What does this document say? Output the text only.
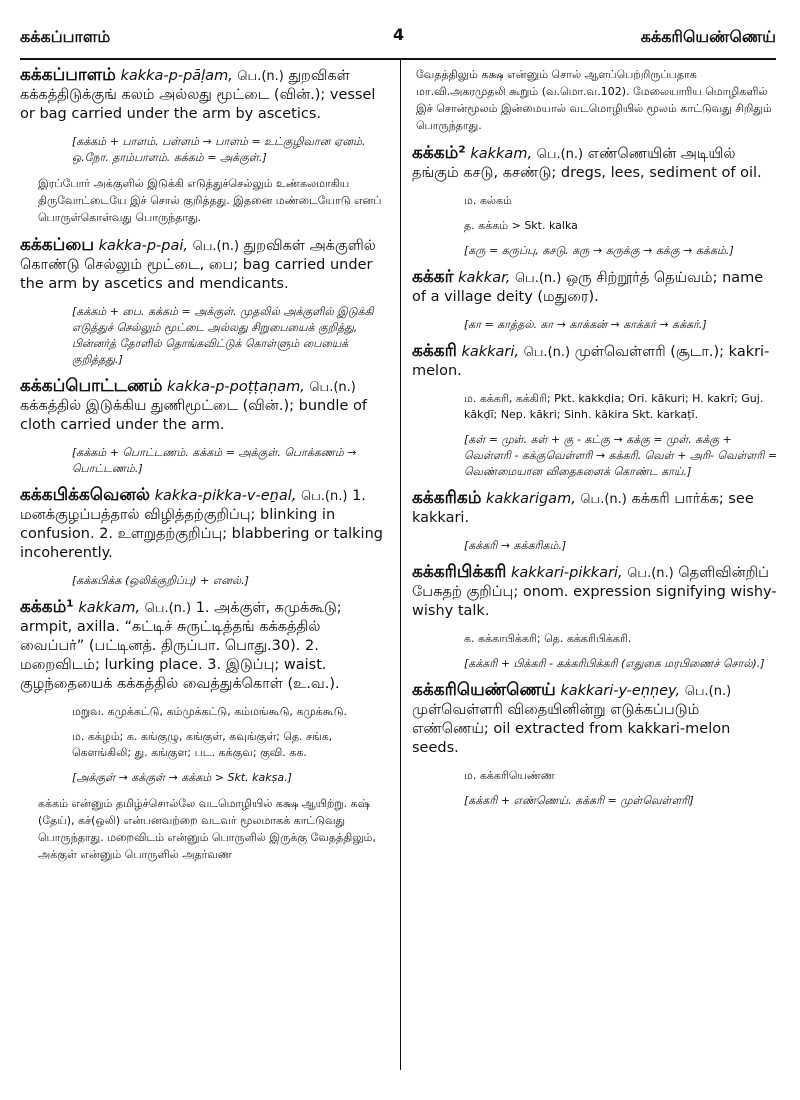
கக்கப்பாளம்	4	கக்கரியெண்ணெய்
கக்கப்பாளம் kakka-p-pāḷam, பெ.(n.) துறவிகள் கக்கத்திடுக்குங் கலம் அல்லது மூட்டை (வின்.); vessel or bag carried under the arm by ascetics.
[கக்கம் + பாளம். பள்ளம் → பாளம் = உட்குழிவான ஏனம். ஒ.நோ. தாம்பாளம். கக்கம் = அக்குள்.]
இரப்போர் அக்குளில் இடுக்கி எடுத்துச்செல்லும் உண்கலமாகிய திருவோட்டையே இச் சொல் குறித்தது. இதனை மண்டையோடு எனப் பொருள்கொள்வது பொருந்தாது.
கக்கப்பை kakka-p-pai, பெ.(n.) துறவிகள் அக்குளில் கொண்டு செல்லும் மூட்டை, பை; bag carried under the arm by ascetics and mendicants.
[கக்கம் + பை. கக்கம் = அக்குள். முதலில் அக்குளில் இடுக்கி எடுத்துச் செல்லும் மூட்டை அல்லது சிறுபையைக் குறித்து, பின்னர்த் தோளில் தொங்கவிட்டுக் கொள்ளும் பையைக் குறித்தது.]
கக்கப்பொட்டணம் kakka-p-poṭṭaṇam, பெ.(n.) கக்கத்தில் இடுக்கிய துணிமூட்டை (வின்.); bundle of cloth carried under the arm.
[கக்கம் + பொட்டணம். கக்கம் = அக்குள். பொக்கணம் → பொட்டணம்.]
கக்கபிக்கவெனல் kakka-pikka-v-eṉal, பெ.(n.) 1. மனக்குழப்பத்தால் விழித்தற்குறிப்பு; blinking in confusion. 2. உளறுதற்குறிப்பு; blabbering or talking incoherently.
[கக்கபிக்க (ஒலிக்குறிப்பு) + எனல்.]
கக்கம்¹ kakkam, பெ.(n.) 1. அக்குள், கமுக்கூடு; armpit, axilla. “கட்டிச் சுருட்டித்தங் கக்கத்தில் வைப்பர்” (பட்டினத். திருப்பா. பொது.30). 2. மறைவிடம்; lurking place. 3. இடுப்பு; waist. குழந்தையைக் கக்கத்தில் வைத்துக்கொள் (உ.வ.).
மறுவ. கமுக்கட்டு, கம்முக்கட்டு, கம்மங்கூடு, கமுக்கூடு.
ம. கக்ழம்; க. கங்குழு, கங்குள், கவுங்குள்; தெ. சங்க, கௌங்கிலி; து. கங்குள; பட. கக்குவ; குவி. கக.
[அக்குள் → கக்குள் → கக்கம் > Skt. kakṣa.]
கக்கம் என்னும் தமிழ்ச்சொல்லே வடமொழியில் கக்ஷ ஆயிற்று. கஷ் (தேய்), கச்(ஒலி) என்பனவற்றை வடவர் மூலமாகக் காட்டுவது பொருந்தாது. மறைவிடம் என்னும் பொருளில் இருக்கு வேதத்திலும், அக்குள் என்னும் பொருளில் அதர்வண
வேதத்திலும் கக்ஷ என்னும் சொல் ஆளப்பெற்றிருப்பதாக மா.வி.அகரமுதலி கூறும் (வ.மொ.வ.102). மேலையாரிய மொழிகளில் இச் சொன்மூலம் இன்மையால் வடமொழியில் மூலம் காட்டுவது சிறிதும் பொருந்தாது.
கக்கம்² kakkam, பெ.(n.) எண்ணெயின் அடியில் தங்கும் கசடு, கசண்டு; dregs, lees, sediment of oil.
ம. கல்கம்
த. கக்கம் > Skt. kalka
[கரு = கருப்பு, கசடு. கரு → கருக்கு → கக்கு → கக்கம்.]
கக்கர் kakkar, பெ.(n.) ஒரு சிற்றூர்த் தெய்வம்; name of a village deity (மதுரை).
[கா = காத்தல். கா → காக்கன் → காக்கர் → கக்கர்.]
கக்கரி kakkari, பெ.(n.) முள்வெள்ளரி (சூடா.); kakri-melon.
ம. கக்கரி, கக்கிரி; Pkt. kakkḍia; Ori. kākuri; H. kakrī; Guj. kākḍī; Nep. kākri; Sinh. kākira Skt. karkaṭī.
[கள் = முள். கள் + கு - கட்கு → கக்கு = முள். கக்கு + வெள்ளரி - கக்குவெள்ளரி → கக்கரி. வெள் + அரி- வெள்ளரி = வெண்மையான விதைகளைக் கொண்ட காய்.]
கக்கரிகம் kakkarigam, பெ.(n.) கக்கரி பார்க்க; see kakkari.
[கக்கரி → கக்கரிகம்.]
கக்கரிபிக்கரி kakkari-pikkari, பெ.(n.) தெளிவின்றிப் பேசுதற் குறிப்பு; onom. expression signifying wishy-wishy talk.
க. கக்காபிக்கரி; தெ. கக்கரிபிக்கரி.
[கக்கரி + பிக்கரி - கக்கரிபிக்கரி (எதுகை மரபிணைச் சொல்).]
கக்கரியெண்ணெய் kakkari-y-eṇṇey, பெ.(n.) முள்வெள்ளரி விதையினின்று எடுக்கப்படும் எண்ணெய்; oil extracted from kakkari-melon seeds.
ம. கக்கரியெண்ண
[கக்கரி + எண்ணெய். கக்கரி = முள்வெள்ளரி]
